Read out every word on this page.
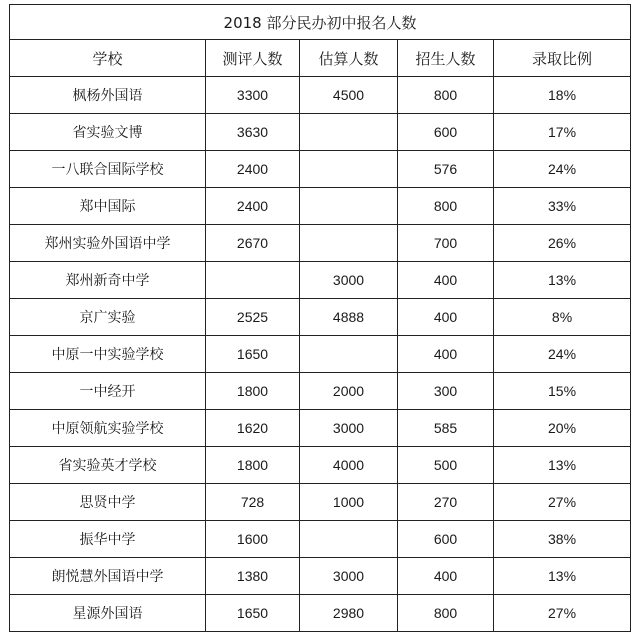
2018 部分民办初中报名人数				
学校	测评人数	估算人数	招生人数	录取比例
枫杨外国语	3300	4500	800	18%
省实验文博	3630		600	17%
一八联合国际学校	2400		576	24%
郑中国际	2400		800	33%
郑州实验外国语中学	2670		700	26%
郑州新奇中学		3000	400	13%
京广实验	2525	4888	400	8%
中原一中实验学校	1650		400	24%
一中经开	1800	2000	300	15%
中原领航实验学校	1620	3000	585	20%
省实验英才学校	1800	4000	500	13%
思贤中学	728	1000	270	27%
振华中学	1600		600	38%
朗悦慧外国语中学	1380	3000	400	13%
星源外国语	1650	2980	800	27%
